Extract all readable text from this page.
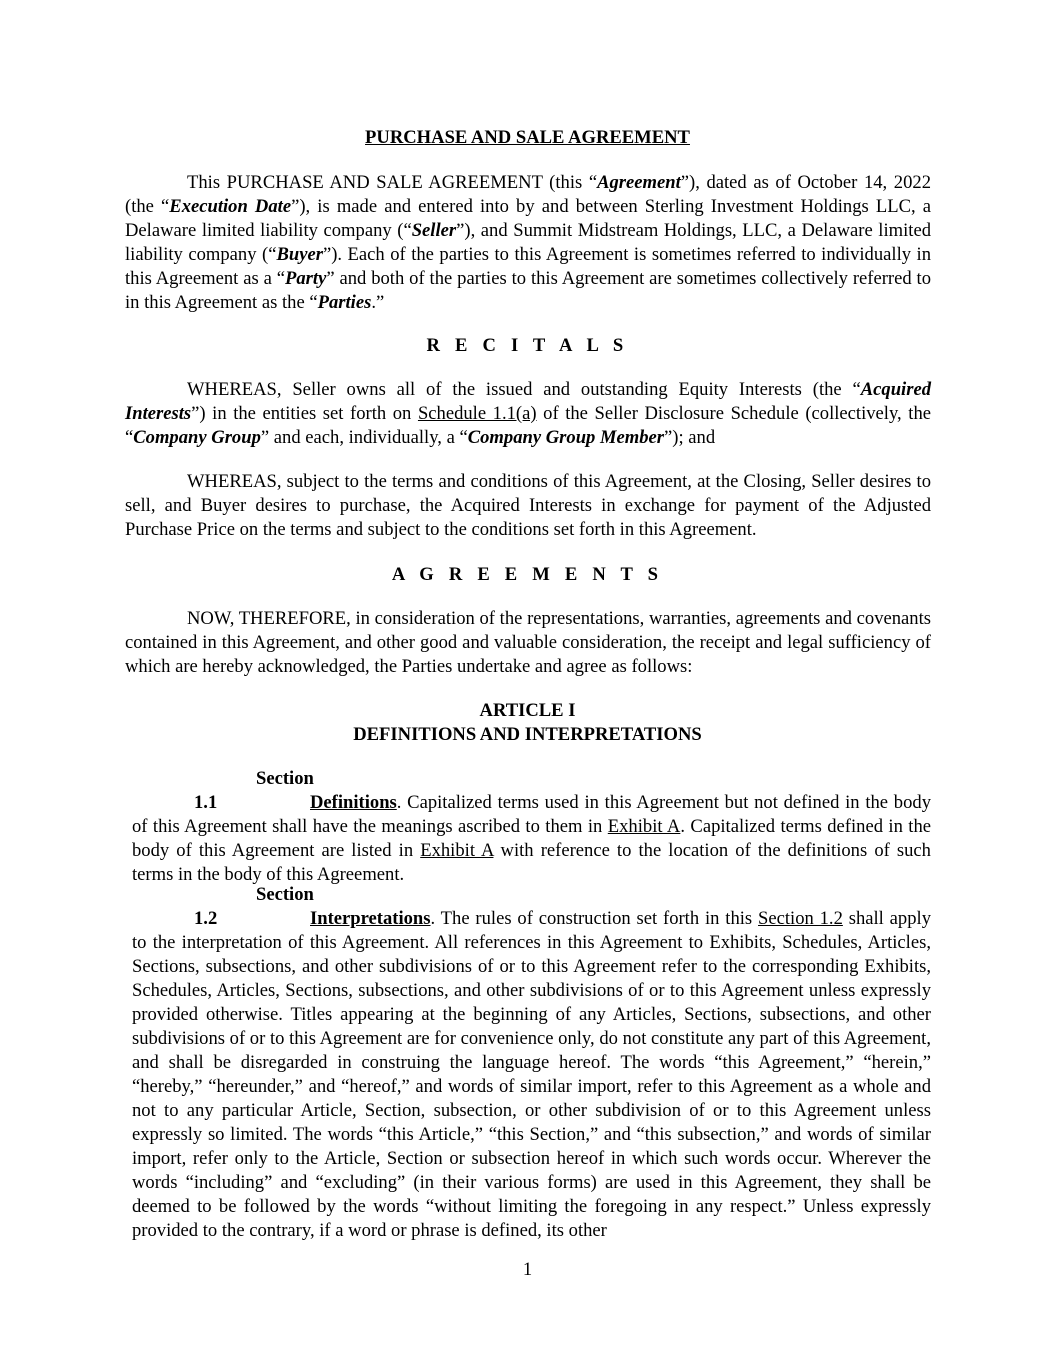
PURCHASE AND SALE AGREEMENT
This PURCHASE AND SALE AGREEMENT (this “Agreement”), dated as of October 14, 2022 (the “Execution Date”), is made and entered into by and between Sterling Investment Holdings LLC, a Delaware limited liability company (“Seller”), and Summit Midstream Holdings, LLC, a Delaware limited liability company (“Buyer”). Each of the parties to this Agreement is sometimes referred to individually in this Agreement as a “Party” and both of the parties to this Agreement are sometimes collectively referred to in this Agreement as the “Parties.”
R E C I T A L S
WHEREAS, Seller owns all of the issued and outstanding Equity Interests (the “Acquired Interests”) in the entities set forth on Schedule 1.1(a) of the Seller Disclosure Schedule (collectively, the “Company Group” and each, individually, a “Company Group Member”); and
WHEREAS, subject to the terms and conditions of this Agreement, at the Closing, Seller desires to sell, and Buyer desires to purchase, the Acquired Interests in exchange for payment of the Adjusted Purchase Price on the terms and subject to the conditions set forth in this Agreement.
A G R E E M E N T S
NOW, THEREFORE, in consideration of the representations, warranties, agreements and covenants contained in this Agreement, and other good and valuable consideration, the receipt and legal sufficiency of which are hereby acknowledged, the Parties undertake and agree as follows:
ARTICLE I
DEFINITIONS AND INTERPRETATIONS
Section 1.1	Definitions. Capitalized terms used in this Agreement but not defined in the body of this Agreement shall have the meanings ascribed to them in Exhibit A. Capitalized terms defined in the body of this Agreement are listed in Exhibit A with reference to the location of the definitions of such terms in the body of this Agreement.
Section 1.2	Interpretations. The rules of construction set forth in this Section 1.2 shall apply to the interpretation of this Agreement. All references in this Agreement to Exhibits, Schedules, Articles, Sections, subsections, and other subdivisions of or to this Agreement refer to the corresponding Exhibits, Schedules, Articles, Sections, subsections, and other subdivisions of or to this Agreement unless expressly provided otherwise. Titles appearing at the beginning of any Articles, Sections, subsections, and other subdivisions of or to this Agreement are for convenience only, do not constitute any part of this Agreement, and shall be disregarded in construing the language hereof. The words “this Agreement,” “herein,” “hereby,” “hereunder,” and “hereof,” and words of similar import, refer to this Agreement as a whole and not to any particular Article, Section, subsection, or other subdivision of or to this Agreement unless expressly so limited. The words “this Article,” “this Section,” and “this subsection,” and words of similar import, refer only to the Article, Section or subsection hereof in which such words occur. Wherever the words “including” and “excluding” (in their various forms) are used in this Agreement, they shall be deemed to be followed by the words “without limiting the foregoing in any respect.” Unless expressly provided to the contrary, if a word or phrase is defined, its other
1
